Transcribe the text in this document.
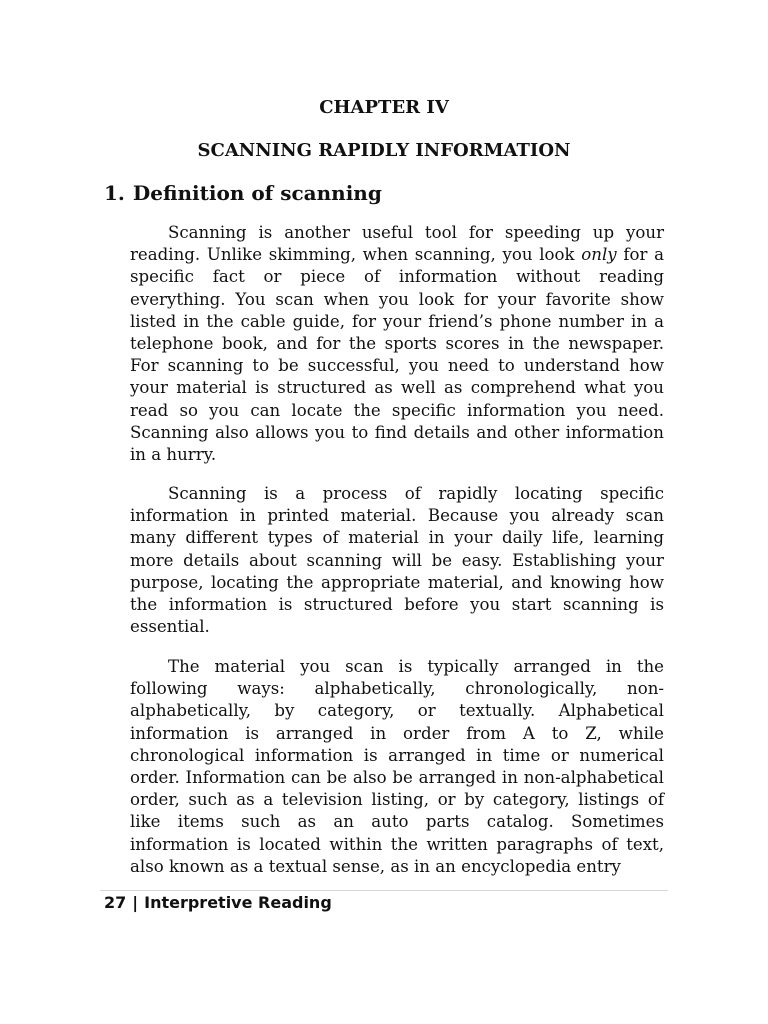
CHAPTER IV
SCANNING RAPIDLY INFORMATION
1. Definition of scanning

Scanning is another useful tool for speeding up your reading. Unlike skimming, when scanning, you look only for a specific fact or piece of information without reading everything. You scan when you look for your favorite show listed in the cable guide, for your friend’s phone number in a telephone book, and for the sports scores in the newspaper. For scanning to be successful, you need to understand how your material is structured as well as comprehend what you read so you can locate the specific information you need. Scanning also allows you to find details and other information in a hurry.

Scanning is a process of rapidly locating specific information in printed material. Because you already scan many different types of material in your daily life, learning more details about scanning will be easy. Establishing your purpose, locating the appropriate material, and knowing how the information is structured before you start scanning is essential.

The material you scan is typically arranged in the following ways: alphabetically, chronologically, non-alphabetically, by category, or textually. Alphabetical information is arranged in order from A to Z, while chronological information is arranged in time or numerical order. Information can be also be arranged in non-alphabetical order, such as a television listing, or by category, listings of like items such as an auto parts catalog. Sometimes information is located within the written paragraphs of text, also known as a textual sense, as in an encyclopedia entry

27 | Interpretive Reading
